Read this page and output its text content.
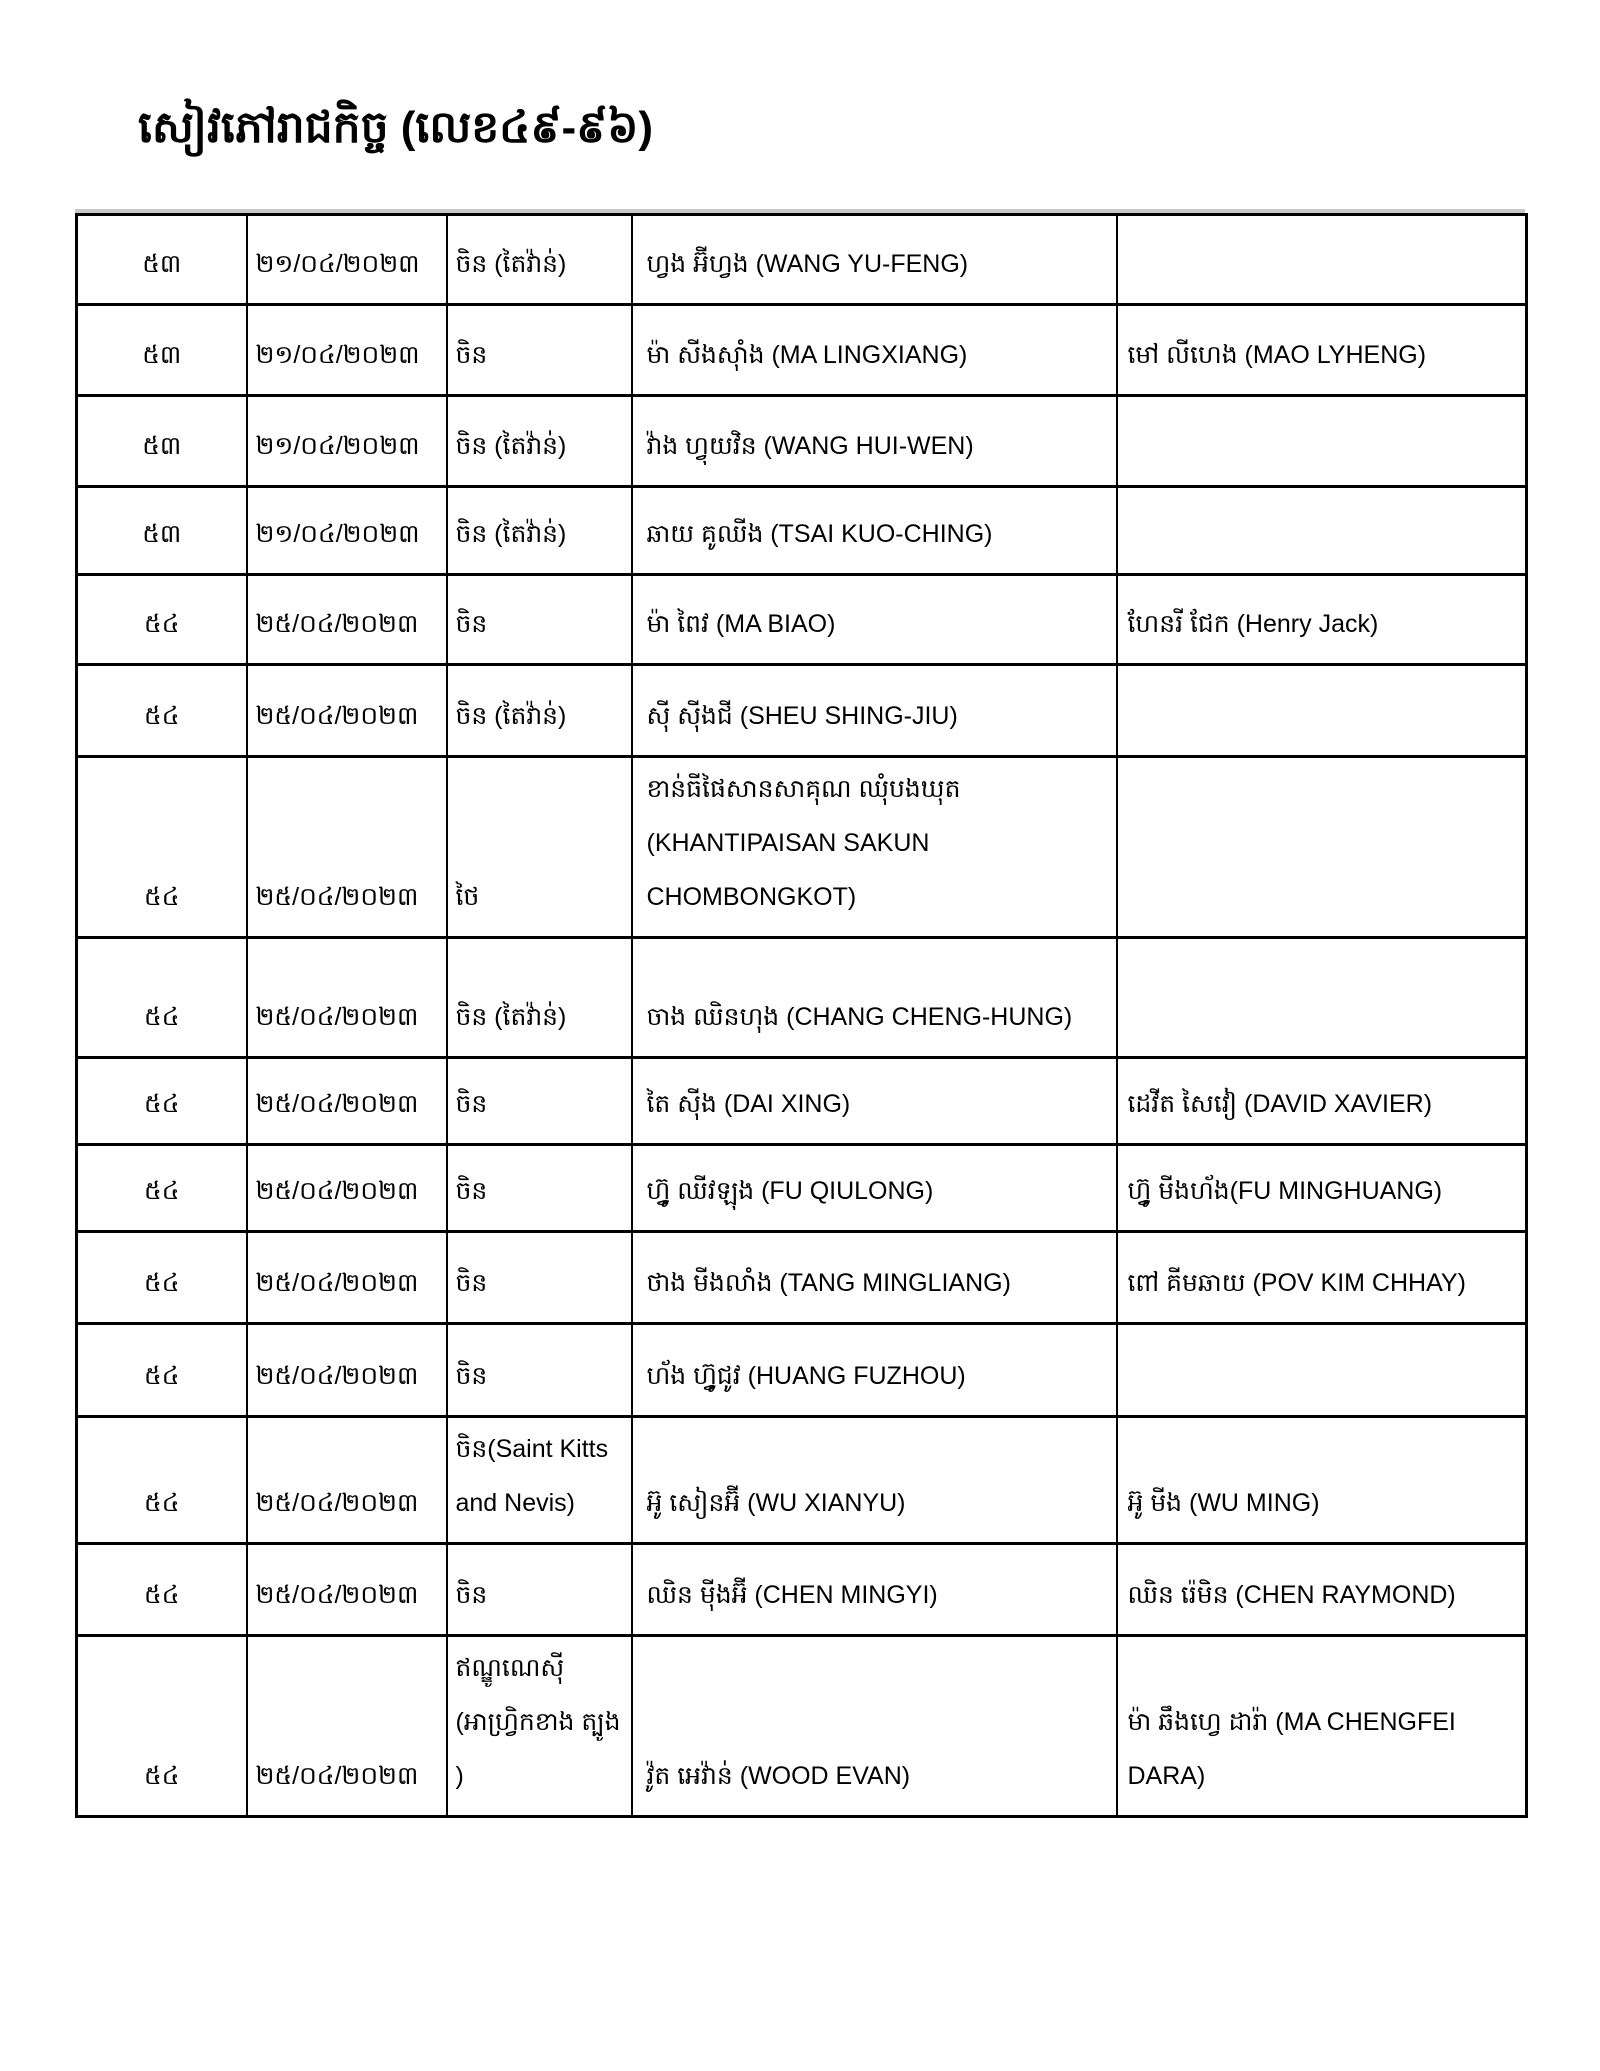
សៀវភៅរាជកិច្ច (លេខ៤៩-៩៦)
៥៣	២១/០៤/២០២៣	ចិន (តៃវ៉ាន់)	ហ្វង អ៊ីហ្វង (WANG YU-FENG)	
៥៣	២១/០៤/២០២៣	ចិន	ម៉ា សីងស៊ាំង (MA LINGXIANG)	មៅ លីហេង (MAO LYHENG)
៥៣	២១/០៤/២០២៣	ចិន (តៃវ៉ាន់)	វ៉ាង ហ្វុយវិន (WANG HUI-WEN)	
៥៣	២១/០៤/២០២៣	ចិន (តៃវ៉ាន់)	ឆាយ គូឈីង (TSAI KUO-CHING)	
៥៤	២៥/០៤/២០២៣	ចិន	ម៉ា ពៃវ (MA BIAO)	ហែនរី ជែក (Henry Jack)
៥៤	២៥/០៤/២០២៣	ចិន (តៃវ៉ាន់)	ស៊ី ស៊ីងជី (SHEU SHING-JIU)	
៥៤	២៥/០៤/២០២៣	ថៃ	ខាន់ធីផៃសានសាគុណ ឈុំបងឃុត (KHANTIPAISAN SAKUN CHOMBONGKOT)	
៥៤	២៥/០៤/២០២៣	ចិន (តៃវ៉ាន់)	ចាង ឈិនហុង (CHANG CHENG-HUNG)	
៥៤	២៥/០៤/២០២៣	ចិន	តៃ ស៊ីង (DAI XING)	ដេវីត សៃវៀ (DAVID XAVIER)
៥៤	២៥/០៤/២០២៣	ចិន	ហ្វ៊ូ ឈីវឡុង (FU QIULONG)	ហ្វ៊ូ មីងហ័ង(FU MINGHUANG)
៥៤	២៥/០៤/២០២៣	ចិន	ថាង មីងលាំង (TANG MINGLIANG)	ពៅ គីមឆាយ (POV KIM CHHAY)
៥៤	២៥/០៤/២០២៣	ចិន	ហ័ង ហ្វ៊ូជូវ (HUANG FUZHOU)	
៥៤	២៥/០៤/២០២៣	ចិន(Saint Kitts and Nevis)	អ៊ូ សៀនអ៊ី (WU XIANYU)	អ៊ូ មីង (WU MING)
៥៤	២៥/០៤/២០២៣	ចិន	ឈិន ម៉ីងអ៊ី (CHEN MINGYI)	ឈិន រ៉េមិន (CHEN RAYMOND)
៥៤	២៥/០៤/២០២៣	ឥណ្ឌូណេស៊ី (អាហ្រ្វិកខាង ត្បូង )	វ៉ូត អេវ៉ាន់ (WOOD EVAN)	ម៉ា ឆឹងហ្វេ ដារ៉ា (MA CHENGFEI DARA)
